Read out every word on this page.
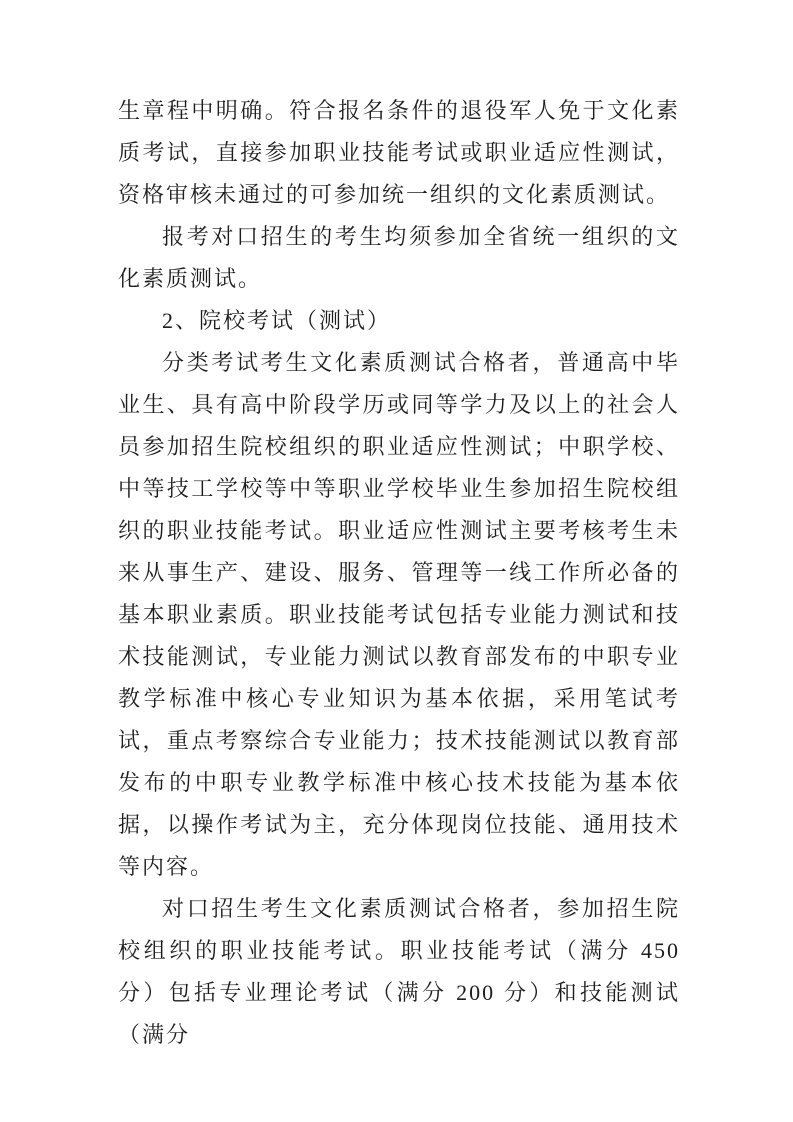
生章程中明确。符合报名条件的退役军人免于文化素质考试，直接参加职业技能考试或职业适应性测试，资格审核未通过的可参加统一组织的文化素质测试。

报考对口招生的考生均须参加全省统一组织的文化素质测试。

2、院校考试（测试）

分类考试考生文化素质测试合格者，普通高中毕业生、具有高中阶段学历或同等学力及以上的社会人员参加招生院校组织的职业适应性测试；中职学校、中等技工学校等中等职业学校毕业生参加招生院校组织的职业技能考试。职业适应性测试主要考核考生未来从事生产、建设、服务、管理等一线工作所必备的基本职业素质。职业技能考试包括专业能力测试和技术技能测试，专业能力测试以教育部发布的中职专业教学标准中核心专业知识为基本依据，采用笔试考试，重点考察综合专业能力；技术技能测试以教育部发布的中职专业教学标准中核心技术技能为基本依据，以操作考试为主，充分体现岗位技能、通用技术等内容。

对口招生考生文化素质测试合格者，参加招生院校组织的职业技能考试。职业技能考试（满分 450 分）包括专业理论考试（满分 200 分）和技能测试（满分
